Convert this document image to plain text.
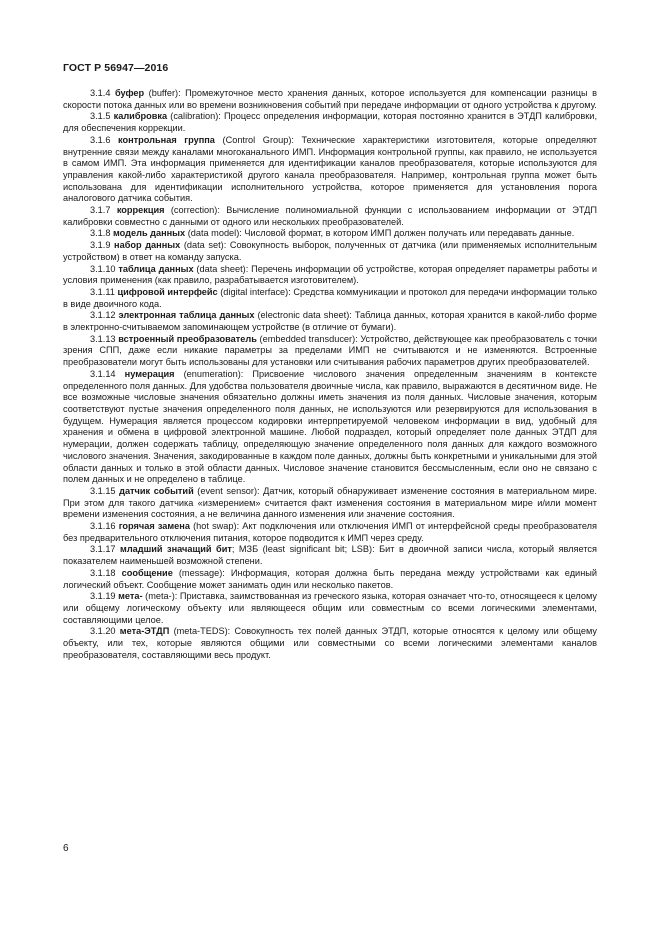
ГОСТ Р 56947—2016

3.1.4 буфер (buffer): Промежуточное место хранения данных, которое используется для компенсации разницы в скорости потока данных или во времени возникновения событий при передаче информации от одного устройства к другому.

3.1.5 калибровка (calibration): Процесс определения информации, которая постоянно хранится в ЭТДП калибровки, для обеспечения коррекции.

3.1.6 контрольная группа (Control Group): Технические характеристики изготовителя, которые определяют внутренние связи между каналами многоканального ИМП. Информация контрольной группы, как правило, не используется в самом ИМП. Эта информация применяется для идентификации каналов преобразователя, которые используются для управления какой-либо характеристикой другого канала преобразователя. Например, контрольная группа может быть использована для идентификации исполнительного устройства, которое применяется для установления порога аналогового датчика события.

3.1.7 коррекция (correction): Вычисление полиномиальной функции с использованием информации от ЭТДП калибровки совместно с данными от одного или нескольких преобразователей.

3.1.8 модель данных (data model): Числовой формат, в котором ИМП должен получать или передавать данные.

3.1.9 набор данных (data set): Совокупность выборок, полученных от датчика (или применяемых исполнительным устройством) в ответ на команду запуска.

3.1.10 таблица данных (data sheet): Перечень информации об устройстве, которая определяет параметры работы и условия применения (как правило, разрабатывается изготовителем).

3.1.11 цифровой интерфейс (digital interface): Средства коммуникации и протокол для передачи информации только в виде двоичного кода.

3.1.12 электронная таблица данных (electronic data sheet): Таблица данных, которая хранится в какой-либо форме в электронно-считываемом запоминающем устройстве (в отличие от бумаги).

3.1.13 встроенный преобразователь (embedded transducer): Устройство, действующее как преобразователь с точки зрения СПП, даже если никакие параметры за пределами ИМП не считываются и не изменяются. Встроенные преобразователи могут быть использованы для установки или считывания рабочих параметров других преобразователей.

3.1.14 нумерация (enumeration): Присвоение числового значения определенным значениям в контексте определенного поля данных. Для удобства пользователя двоичные числа, как правило, выражаются в десятичном виде. Не все возможные числовые значения обязательно должны иметь значения из поля данных. Числовые значения, которым соответствуют пустые значения определенного поля данных, не используются или резервируются для использования в будущем. Нумерация является процессом кодировки интерпретируемой человеком информации в вид, удобный для хранения и обмена в цифровой электронной машине. Любой подраздел, который определяет поле данных ЭТДП для нумерации, должен содержать таблицу, определяющую значение определенного поля данных для каждого возможного числового значения. Значения, закодированные в каждом поле данных, должны быть конкретными и уникальными для этой области данных и только в этой области данных. Числовое значение становится бессмысленным, если оно не связано с полем данных и не определено в таблице.

3.1.15 датчик событий (event sensor): Датчик, который обнаруживает изменение состояния в материальном мире. При этом для такого датчика «измерением» считается факт изменения состояния в материальном мире и/или момент времени изменения состояния, а не величина данного изменения или значение состояния.

3.1.16 горячая замена (hot swap): Акт подключения или отключения ИМП от интерфейсной среды преобразователя без предварительного отключения питания, которое подводится к ИМП через среду.

3.1.17 младший значащий бит; МЗБ (least significant bit; LSB): Бит в двоичной записи числа, который является показателем наименьшей возможной степени.

3.1.18 сообщение (message): Информация, которая должна быть передана между устройствами как единый логический объект. Сообщение может занимать один или несколько пакетов.

3.1.19 мета- (meta-): Приставка, заимствованная из греческого языка, которая означает что-то, относящееся к целому или общему логическому объекту или являющееся общим или совместным со всеми логическими элементами, составляющими целое.

3.1.20 мета-ЭТДП (meta-TEDS): Совокупность тех полей данных ЭТДП, которые относятся к целому или общему объекту, или тех, которые являются общими или совместными со всеми логическими элементами каналов преобразователя, составляющими весь продукт.

6
